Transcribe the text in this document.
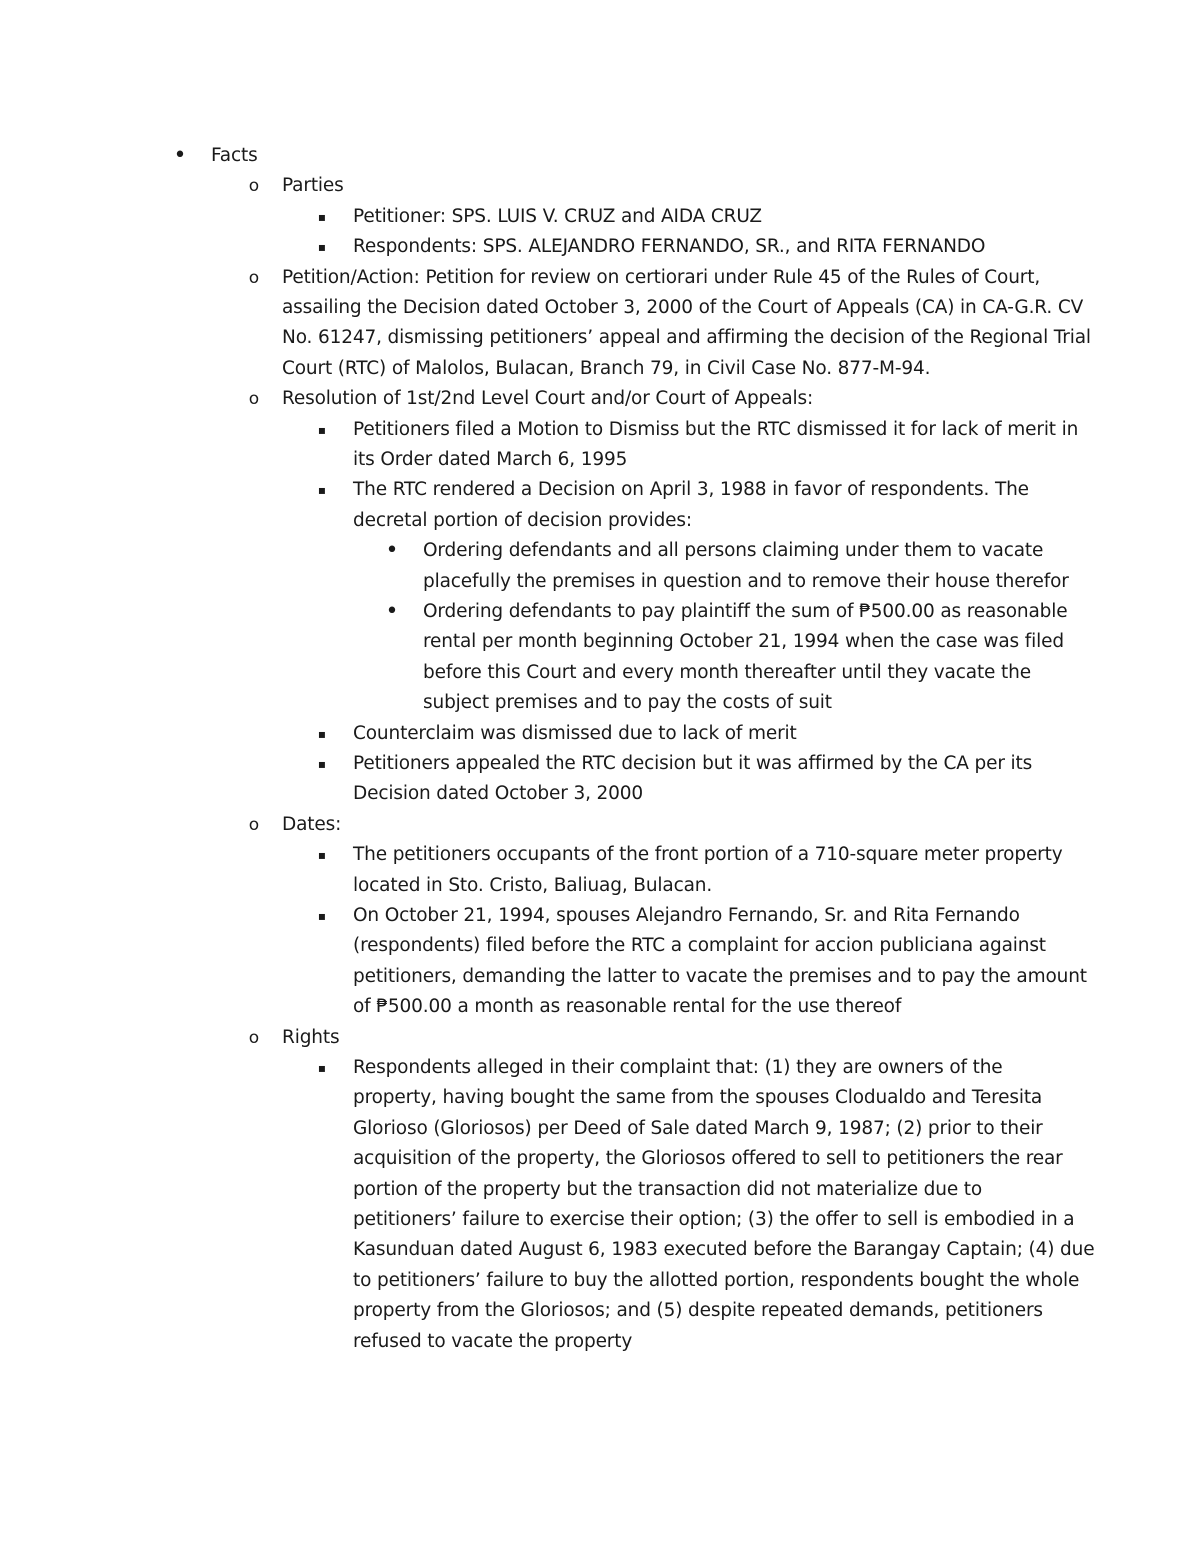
• Facts
o Parties
▪	Petitioner: SPS. LUIS V. CRUZ and AIDA CRUZ
▪	Respondents: SPS. ALEJANDRO FERNANDO, SR., and RITA FERNANDO
o Petition/Action: Petition for review on certiorari under Rule 45 of the Rules of Court,
assailing the Decision dated October 3, 2000 of the Court of Appeals (CA) in CA-G.R. CV
No. 61247, dismissing petitioners’ appeal and affirming the decision of the Regional Trial
Court (RTC) of Malolos, Bulacan, Branch 79, in Civil Case No. 877-M-94.
o Resolution of 1st/2nd Level Court and/or Court of Appeals:
▪	Petitioners filed a Motion to Dismiss but the RTC dismissed it for lack of merit in
its Order dated March 6, 1995
▪	The RTC rendered a Decision on April 3, 1988 in favor of respondents. The
decretal portion of decision provides:
• Ordering defendants and all persons claiming under them to vacate
placefully the premises in question and to remove their house therefor
• Ordering defendants to pay plaintiff the sum of ₱500.00 as reasonable
rental per month beginning October 21, 1994 when the case was filed
before this Court and every month thereafter until they vacate the
subject premises and to pay the costs of suit
▪	Counterclaim was dismissed due to lack of merit
▪	Petitioners appealed the RTC decision but it was affirmed by the CA per its
Decision dated October 3, 2000
o Dates:
▪	The petitioners occupants of the front portion of a 710-square meter property
located in Sto. Cristo, Baliuag, Bulacan.
▪	On October 21, 1994, spouses Alejandro Fernando, Sr. and Rita Fernando
(respondents) filed before the RTC a complaint for accion publiciana against
petitioners, demanding the latter to vacate the premises and to pay the amount
of ₱500.00 a month as reasonable rental for the use thereof
o Rights
▪	Respondents alleged in their complaint that: (1) they are owners of the
property, having bought the same from the spouses Clodualdo and Teresita
Glorioso (Gloriosos) per Deed of Sale dated March 9, 1987; (2) prior to their
acquisition of the property, the Gloriosos offered to sell to petitioners the rear
portion of the property but the transaction did not materialize due to
petitioners’ failure to exercise their option; (3) the offer to sell is embodied in a
Kasunduan dated August 6, 1983 executed before the Barangay Captain; (4) due
to petitioners’ failure to buy the allotted portion, respondents bought the whole
property from the Gloriosos; and (5) despite repeated demands, petitioners
refused to vacate the property
